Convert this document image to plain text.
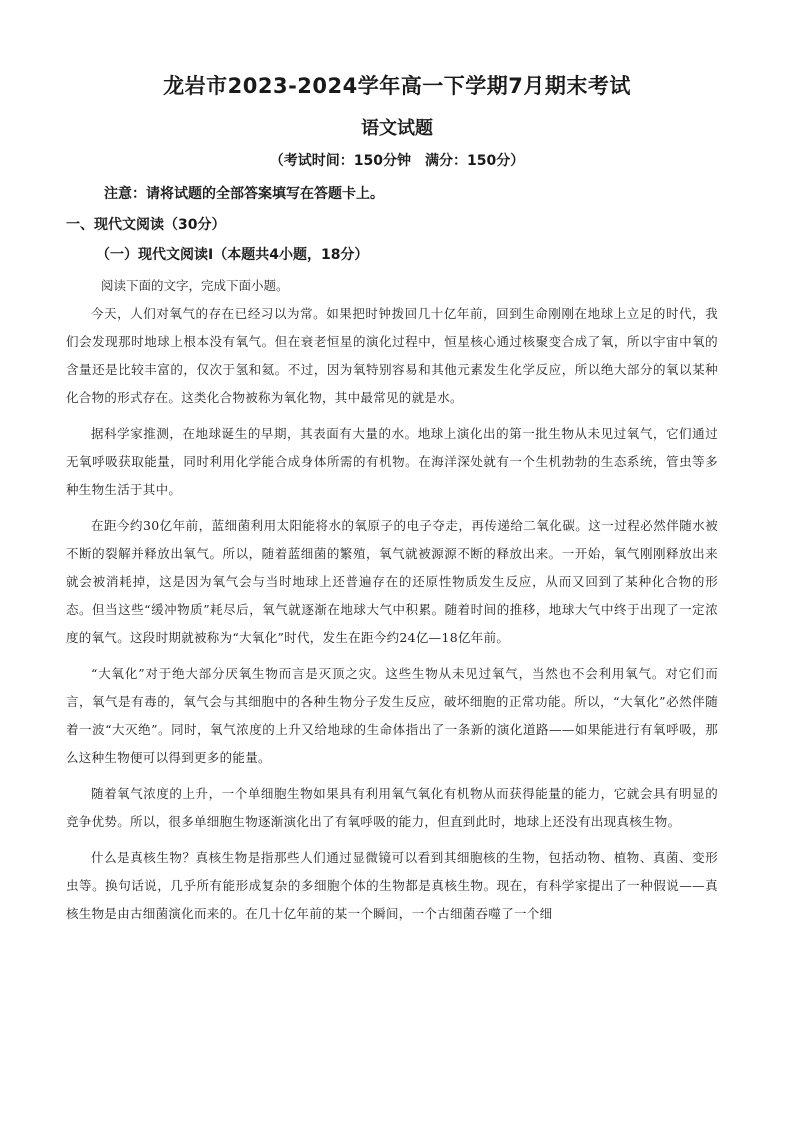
龙岩市2023-2024学年高一下学期7月期末考试
语文试题
（考试时间：150分钟　满分：150分）
注意：请将试题的全部答案填写在答题卡上。
一、现代文阅读（30分）
（一）现代文阅读Ⅰ（本题共4小题，18分）
阅读下面的文字，完成下面小题。

今天，人们对氧气的存在已经习以为常。如果把时钟拨回几十亿年前，回到生命刚刚在地球上立足的时代，我们会发现那时地球上根本没有氧气。但在衰老恒星的演化过程中，恒星核心通过核聚变合成了氧，所以宇宙中氧的含量还是比较丰富的，仅次于氢和氦。不过，因为氧特别容易和其他元素发生化学反应，所以绝大部分的氧以某种化合物的形式存在。这类化合物被称为氧化物，其中最常见的就是水。

据科学家推测，在地球诞生的早期，其表面有大量的水。地球上演化出的第一批生物从未见过氧气，它们通过无氧呼吸获取能量，同时利用化学能合成身体所需的有机物。在海洋深处就有一个生机勃勃的生态系统，管虫等多种生物生活于其中。

在距今约30亿年前，蓝细菌利用太阳能将水的氧原子的电子夺走，再传递给二氧化碳。这一过程必然伴随水被不断的裂解并释放出氧气。所以，随着蓝细菌的繁殖，氧气就被源源不断的释放出来。一开始，氧气刚刚释放出来就会被消耗掉，这是因为氧气会与当时地球上还普遍存在的还原性物质发生反应，从而又回到了某种化合物的形态。但当这些“缓冲物质”耗尽后，氧气就逐渐在地球大气中积累。随着时间的推移，地球大气中终于出现了一定浓度的氧气。这段时期就被称为“大氧化”时代，发生在距今约24亿—18亿年前。

“大氧化”对于绝大部分厌氧生物而言是灭顶之灾。这些生物从未见过氧气，当然也不会利用氧气。对它们而言，氧气是有毒的，氧气会与其细胞中的各种生物分子发生反应，破坏细胞的正常功能。所以，“大氧化”必然伴随着一波“大灭绝”。同时，氧气浓度的上升又给地球的生命体指出了一条新的演化道路——如果能进行有氧呼吸，那么这种生物便可以得到更多的能量。

随着氧气浓度的上升，一个单细胞生物如果具有利用氧气氧化有机物从而获得能量的能力，它就会具有明显的竞争优势。所以，很多单细胞生物逐渐演化出了有氧呼吸的能力，但直到此时，地球上还没有出现真核生物。

什么是真核生物？真核生物是指那些人们通过显微镜可以看到其细胞核的生物，包括动物、植物、真菌、变形虫等。换句话说，几乎所有能形成复杂的多细胞个体的生物都是真核生物。现在，有科学家提出了一种假说——真核生物是由古细菌演化而来的。在几十亿年前的某一个瞬间，一个古细菌吞噬了一个细
